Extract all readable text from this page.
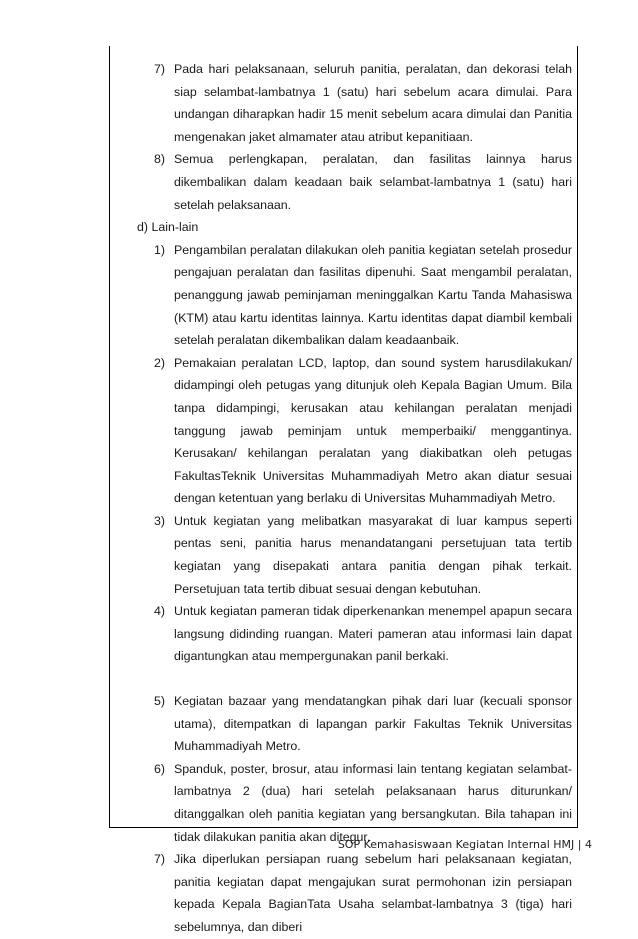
7) Pada hari pelaksanaan, seluruh panitia, peralatan, dan dekorasi telah siap selambat-lambatnya 1 (satu) hari sebelum acara dimulai. Para undangan diharapkan hadir 15 menit sebelum acara dimulai dan Panitia mengenakan jaket almamater atau atribut kepanitiaan.
8) Semua perlengkapan, peralatan, dan fasilitas lainnya harus dikembalikan dalam keadaan baik selambat-lambatnya 1 (satu) hari setelah pelaksanaan.
d) Lain-lain
1) Pengambilan peralatan dilakukan oleh panitia kegiatan setelah prosedur pengajuan peralatan dan fasilitas dipenuhi. Saat mengambil peralatan, penanggung jawab peminjaman meninggalkan Kartu Tanda Mahasiswa (KTM) atau kartu identitas lainnya. Kartu identitas dapat diambil kembali setelah peralatan dikembalikan dalam keadaanbaik.
2) Pemakaian peralatan LCD, laptop, dan sound system harusdilakukan/ didampingi oleh petugas yang ditunjuk oleh Kepala Bagian Umum. Bila tanpa didampingi, kerusakan atau kehilangan peralatan menjadi tanggung jawab peminjam untuk memperbaiki/ menggantinya. Kerusakan/ kehilangan peralatan yang diakibatkan oleh petugas FakultasTeknik Universitas Muhammadiyah Metro akan diatur sesuai dengan ketentuan yang berlaku di Universitas Muhammadiyah Metro.
3) Untuk kegiatan yang melibatkan masyarakat di luar kampus seperti pentas seni, panitia harus menandatangani persetujuan tata tertib kegiatan yang disepakati antara panitia dengan pihak terkait. Persetujuan tata tertib dibuat sesuai dengan kebutuhan.
4) Untuk kegiatan pameran tidak diperkenankan menempel apapun secara langsung didinding ruangan. Materi pameran atau informasi lain dapat digantungkan atau mempergunakan panil berkaki.
5) Kegiatan bazaar yang mendatangkan pihak dari luar (kecuali sponsor utama), ditempatkan di lapangan parkir Fakultas Teknik Universitas Muhammadiyah Metro.
6) Spanduk, poster, brosur, atau informasi lain tentang kegiatan selambat-lambatnya 2 (dua) hari setelah pelaksanaan harus diturunkan/ ditanggalkan oleh panitia kegiatan yang bersangkutan. Bila tahapan ini tidak dilakukan panitia akan ditegur.
7) Jika diperlukan persiapan ruang sebelum hari pelaksanaan kegiatan, panitia kegiatan dapat mengajukan surat permohonan izin persiapan kepada Kepala BagianTata Usaha selambat-lambatnya 3 (tiga) hari sebelumnya, dan diberi
SOP Kemahasiswaan Kegiatan Internal HMJ | 4
